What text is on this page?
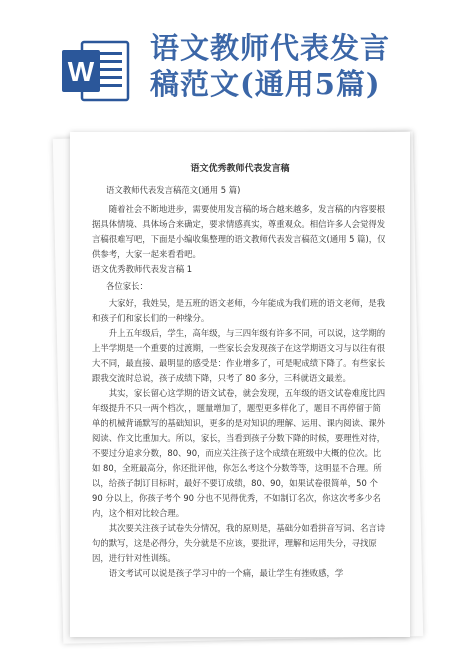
W
语文教师代表发言
稿范文(通用5篇)
语文优秀教师代表发言稿
语文教师代表发言稿范文(通用 5 篇)

随着社会不断地进步，需要使用发言稿的场合越来越多，发言稿的内容要根据具体情境、具体场合来确定，要求情感真实，尊重观众。相信许多人会觉得发言稿很难写吧，下面是小编收集整理的语文教师代表发言稿范文(通用 5 篇)，仅供参考，大家一起来看看吧。

语文优秀教师代表发言稿 1
各位家长：

大家好，我姓吴，是五班的语文老师，今年能成为我们班的语文老师，是我和孩子们和家长们的一种缘分。

升上五年级后，学生，高年级，与三四年级有许多不同，可以说，这学期的上半学期是一个重要的过渡期，一些家长会发现孩子在这学期语文习与以往有很大不同，最直接、最明显的感受是：作业增多了，可是呢成绩下降了。有些家长跟我交流时总说，孩子成绩下降，只考了 80 多分，三科就语文最差。

其实，家长留心这学期的语文试卷，就会发现，五年级的语文试卷难度比四年级提升不只一两个档次，，题量增加了，题型更多样化了，题目不再停留于简单的机械背诵默写的基础知识，更多的是对知识的理解、运用、课内阅读、课外阅读、作文比重加大。所以，家长，当看到孩子分数下降的时候，要理性对待，不要过分追求分数，80、90，而应关注孩子这个成绩在班级中大概的位次。比如 80，全班最高分，你还批评他，你怎么考这个分数等等，这明显不合理。所以，给孩子制订目标时，最好不要订成绩，80、90，如果试卷很简单，50 个 90 分以上，你孩子考个 90 分也不见得优秀，不如制订名次，你这次考多少名内，这个相对比较合理。

其次要关注孩子试卷失分情况，我的原则是，基础分如看拼音写词、名言诗句的默写，这是必得分，失分就是不应该，要批评，理解和运用失分，寻找原因，进行针对性训练。

语文考试可以说是孩子学习中的一个痛，最让学生有挫败感，学
